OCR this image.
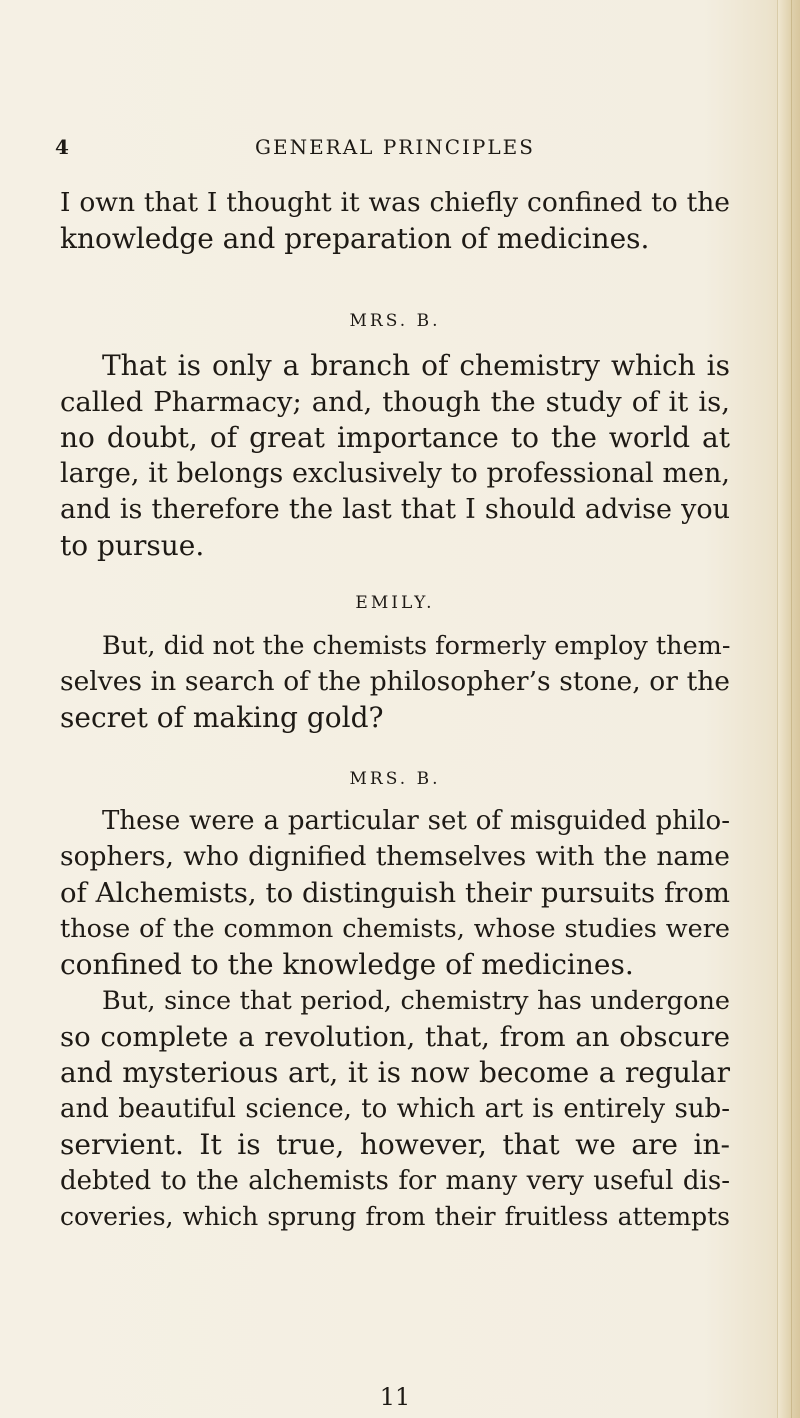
4	GENERAL PRINCIPLES
I own that I thought it was chiefly confined to the
knowledge and preparation of medicines.
MRS. B.
That is only a branch of chemistry which is
called Pharmacy; and, though the study of it is,
no doubt, of great importance to the world at
large, it belongs exclusively to professional men,
and is therefore the last that I should advise you
to pursue.
EMILY.
But, did not the chemists formerly employ them-
selves in search of the philosopher’s stone, or the
secret of making gold?
MRS. B.
These were a particular set of misguided philo-
sophers, who dignified themselves with the name
of Alchemists, to distinguish their pursuits from
those of the common chemists, whose studies were
confined to the knowledge of medicines.
But, since that period, chemistry has undergone
so complete a revolution, that, from an obscure
and mysterious art, it is now become a regular
and beautiful science, to which art is entirely sub-
servient. It is true, however, that we are in-
debted to the alchemists for many very useful dis-
coveries, which sprung from their fruitless attempts
11
